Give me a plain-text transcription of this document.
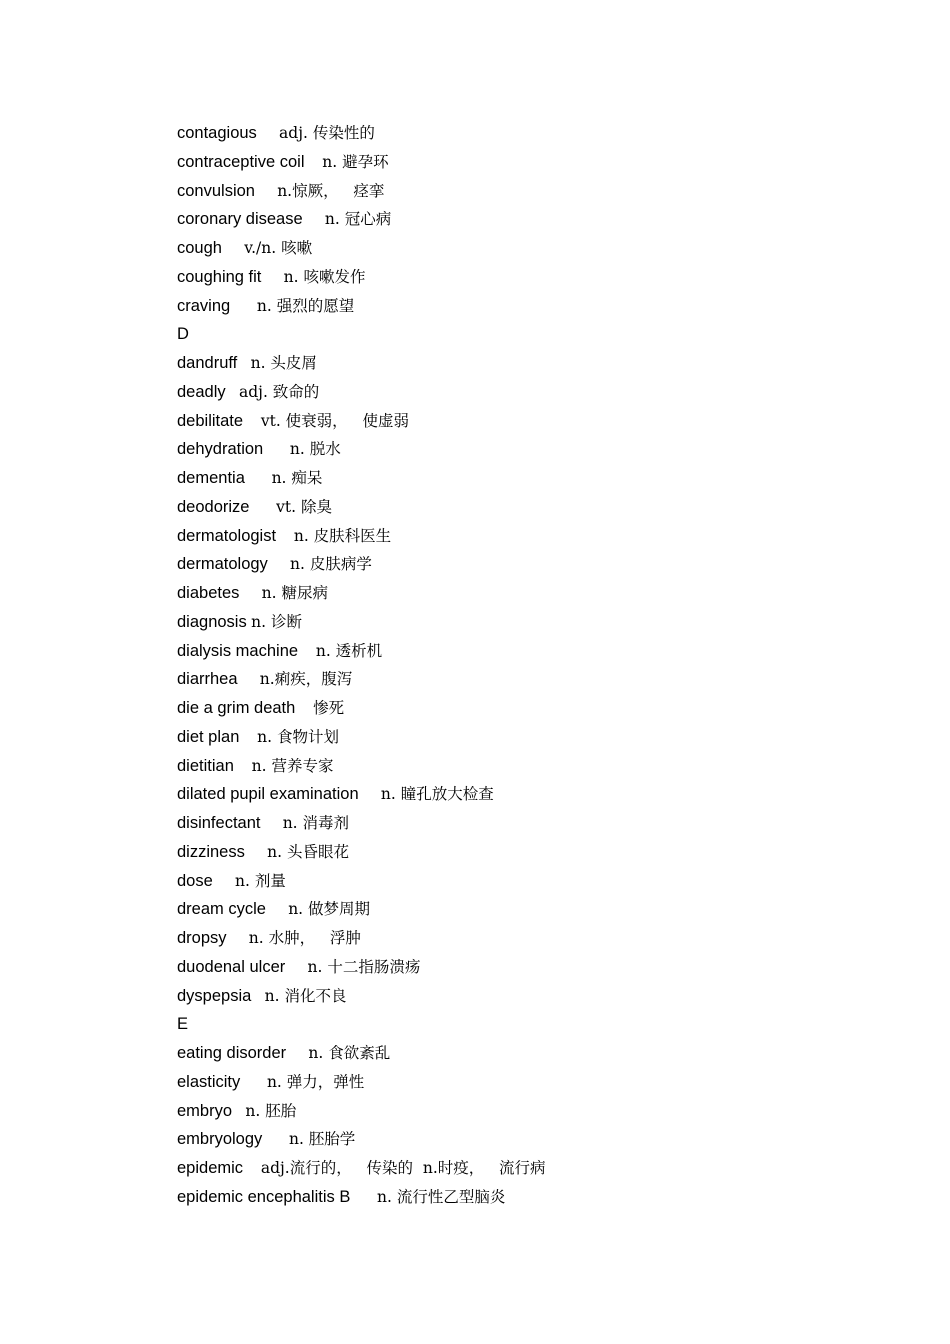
contagious adj. 传染性的
contraceptive coil n. 避孕环
convulsion n.惊厥，   痉挛
coronary disease n. 冠心病
cough v./n. 咳嗽
coughing fit n. 咳嗽发作
craving n. 强烈的愿望
D
dandruff n. 头皮屑
deadly adj. 致命的
debilitate vt. 使衰弱，   使虚弱
dehydration n. 脱水
dementia n. 痴呆
deodorize vt. 除臭
dermatologist n. 皮肤科医生
dermatology n. 皮肤病学
diabetes n. 糖尿病
diagnosis n. 诊断
dialysis machine n. 透析机
diarrhea n.痢疾，腹泻
die a grim death 惨死
diet plan n. 食物计划
dietitian n. 营养专家
dilated pupil examination n. 瞳孔放大检查
disinfectant n. 消毒剂
dizziness n. 头昏眼花
dose n. 剂量
dream cycle n. 做梦周期
dropsy n. 水肿，   浮肿
duodenal ulcer n. 十二指肠溃疡
dyspepsia n. 消化不良
E
eating disorder n. 食欲紊乱
elasticity n. 弹力，弹性
embryo n. 胚胎
embryology n. 胚胎学
epidemic adj.流行的，   传染的  n.时疫，   流行病
epidemic encephalitis B n. 流行性乙型脑炎
